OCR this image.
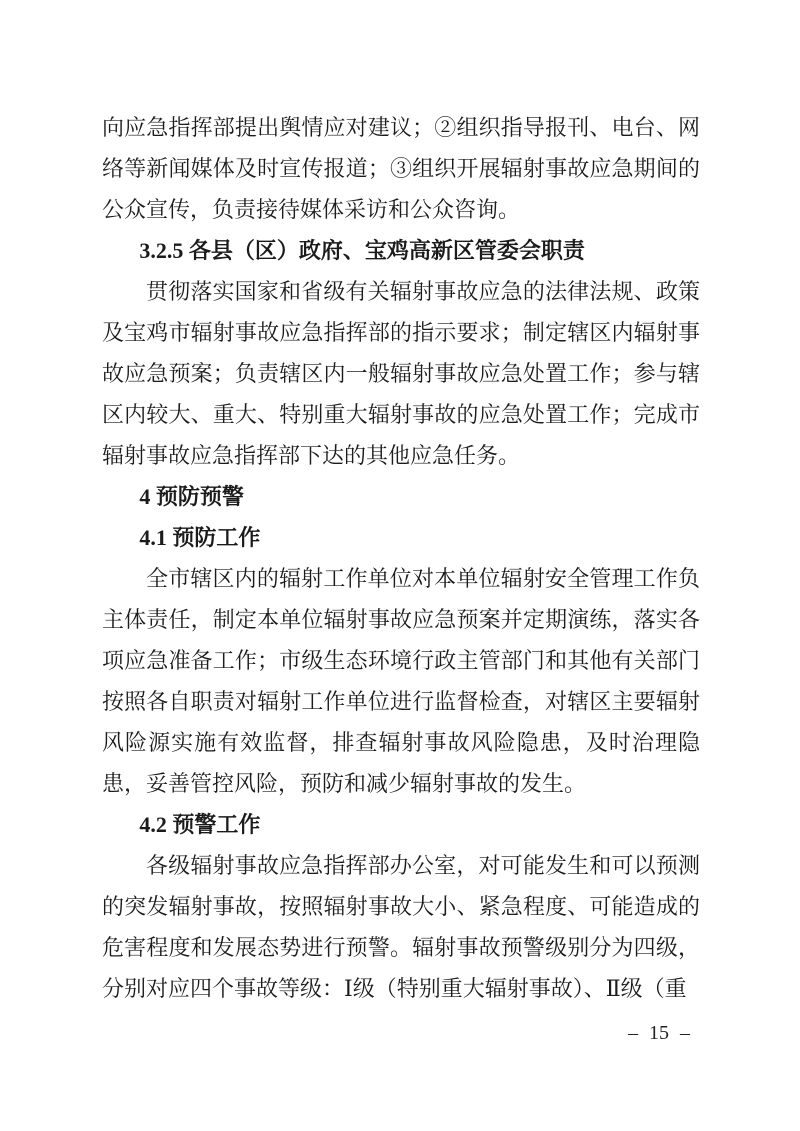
向应急指挥部提出舆情应对建议；②组织指导报刊、电台、网络等新闻媒体及时宣传报道；③组织开展辐射事故应急期间的公众宣传，负责接待媒体采访和公众咨询。

3.2.5 各县（区）政府、宝鸡高新区管委会职责

贯彻落实国家和省级有关辐射事故应急的法律法规、政策及宝鸡市辐射事故应急指挥部的指示要求；制定辖区内辐射事故应急预案；负责辖区内一般辐射事故应急处置工作；参与辖区内较大、重大、特别重大辐射事故的应急处置工作；完成市辐射事故应急指挥部下达的其他应急任务。

4 预防预警
4.1 预防工作

全市辖区内的辐射工作单位对本单位辐射安全管理工作负主体责任，制定本单位辐射事故应急预案并定期演练，落实各项应急准备工作；市级生态环境行政主管部门和其他有关部门按照各自职责对辐射工作单位进行监督检查，对辖区主要辐射风险源实施有效监督，排查辐射事故风险隐患，及时治理隐患，妥善管控风险，预防和减少辐射事故的发生。

4.2 预警工作

各级辐射事故应急指挥部办公室，对可能发生和可以预测的突发辐射事故，按照辐射事故大小、紧急程度、可能造成的危害程度和发展态势进行预警。辐射事故预警级别分为四级，分别对应四个事故等级：Ⅰ级（特别重大辐射事故）、Ⅱ级（重

– 15 –
